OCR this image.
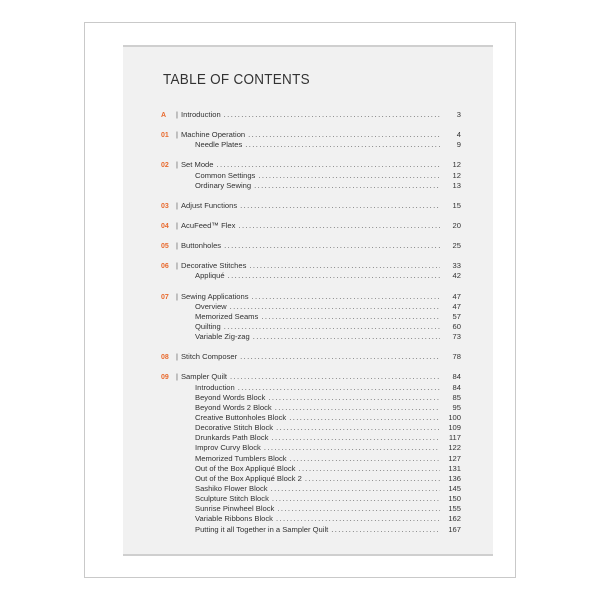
TABLE OF CONTENTS
A	| Introduction .....	3
01 | Machine Operation .....	4
Needle Plates .....	9
02 | Set Mode .....	12
Common Settings .....	12
Ordinary Sewing .....	13
03 | Adjust Functions .....	15
04 | AcuFeed™ Flex .....	20
05 | Buttonholes .....	25
06 | Decorative Stitches .....	33
Appliqué .....	42
07 | Sewing Applications .....	47
Overview .....	47
Memorized Seams .....	57
Quilting .....	60
Variable Zig-zag .....	73
08 | Stitch Composer .....	78
09 | Sampler Quilt .....	84
Introduction .....	84
Beyond Words Block .....	85
Beyond Words 2 Block .....	95
Creative Buttonholes Block .....	100
Decorative Stitch Block .....	109
Drunkards Path Block .....	117
Improv Curvy Block .....	122
Memorized Tumblers Block .....	127
Out of the Box Appliqué Block .....	131
Out of the Box Appliqué Block 2 .....	136
Sashiko Flower Block .....	145
Sculpture Stitch Block .....	150
Sunrise Pinwheel Block .....	155
Variable Ribbons Block .....	162
Putting it all Together in a Sampler Quilt .....	167
